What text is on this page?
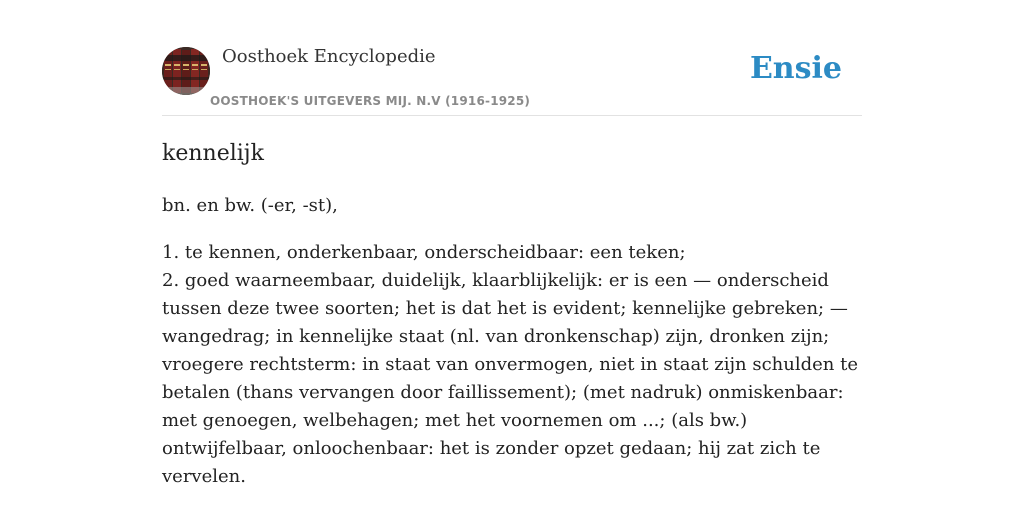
Oosthoek Encyclopedie
OOSTHOEK'S UITGEVERS MIJ. N.V (1916-1925)
Ensie
kennelijk

bn. en bw. (-er, -st),

1. te kennen, onderkenbaar, onderscheidbaar: een teken;
2. goed waarneembaar, duidelijk, klaarblijkelijk: er is een — onderscheid tussen deze twee soorten; het is dat het is evident; kennelijke gebreken; — wangedrag; in kennelijke staat (nl. van dronkenschap) zijn, dronken zijn; vroegere rechtsterm: in staat van onvermogen, niet in staat zijn schulden te betalen (thans vervangen door faillissement); (met nadruk) onmiskenbaar: met genoegen, welbehagen; met het voornemen om ...; (als bw.) ontwijfelbaar, onloochenbaar: het is zonder opzet gedaan; hij zat zich te vervelen.
